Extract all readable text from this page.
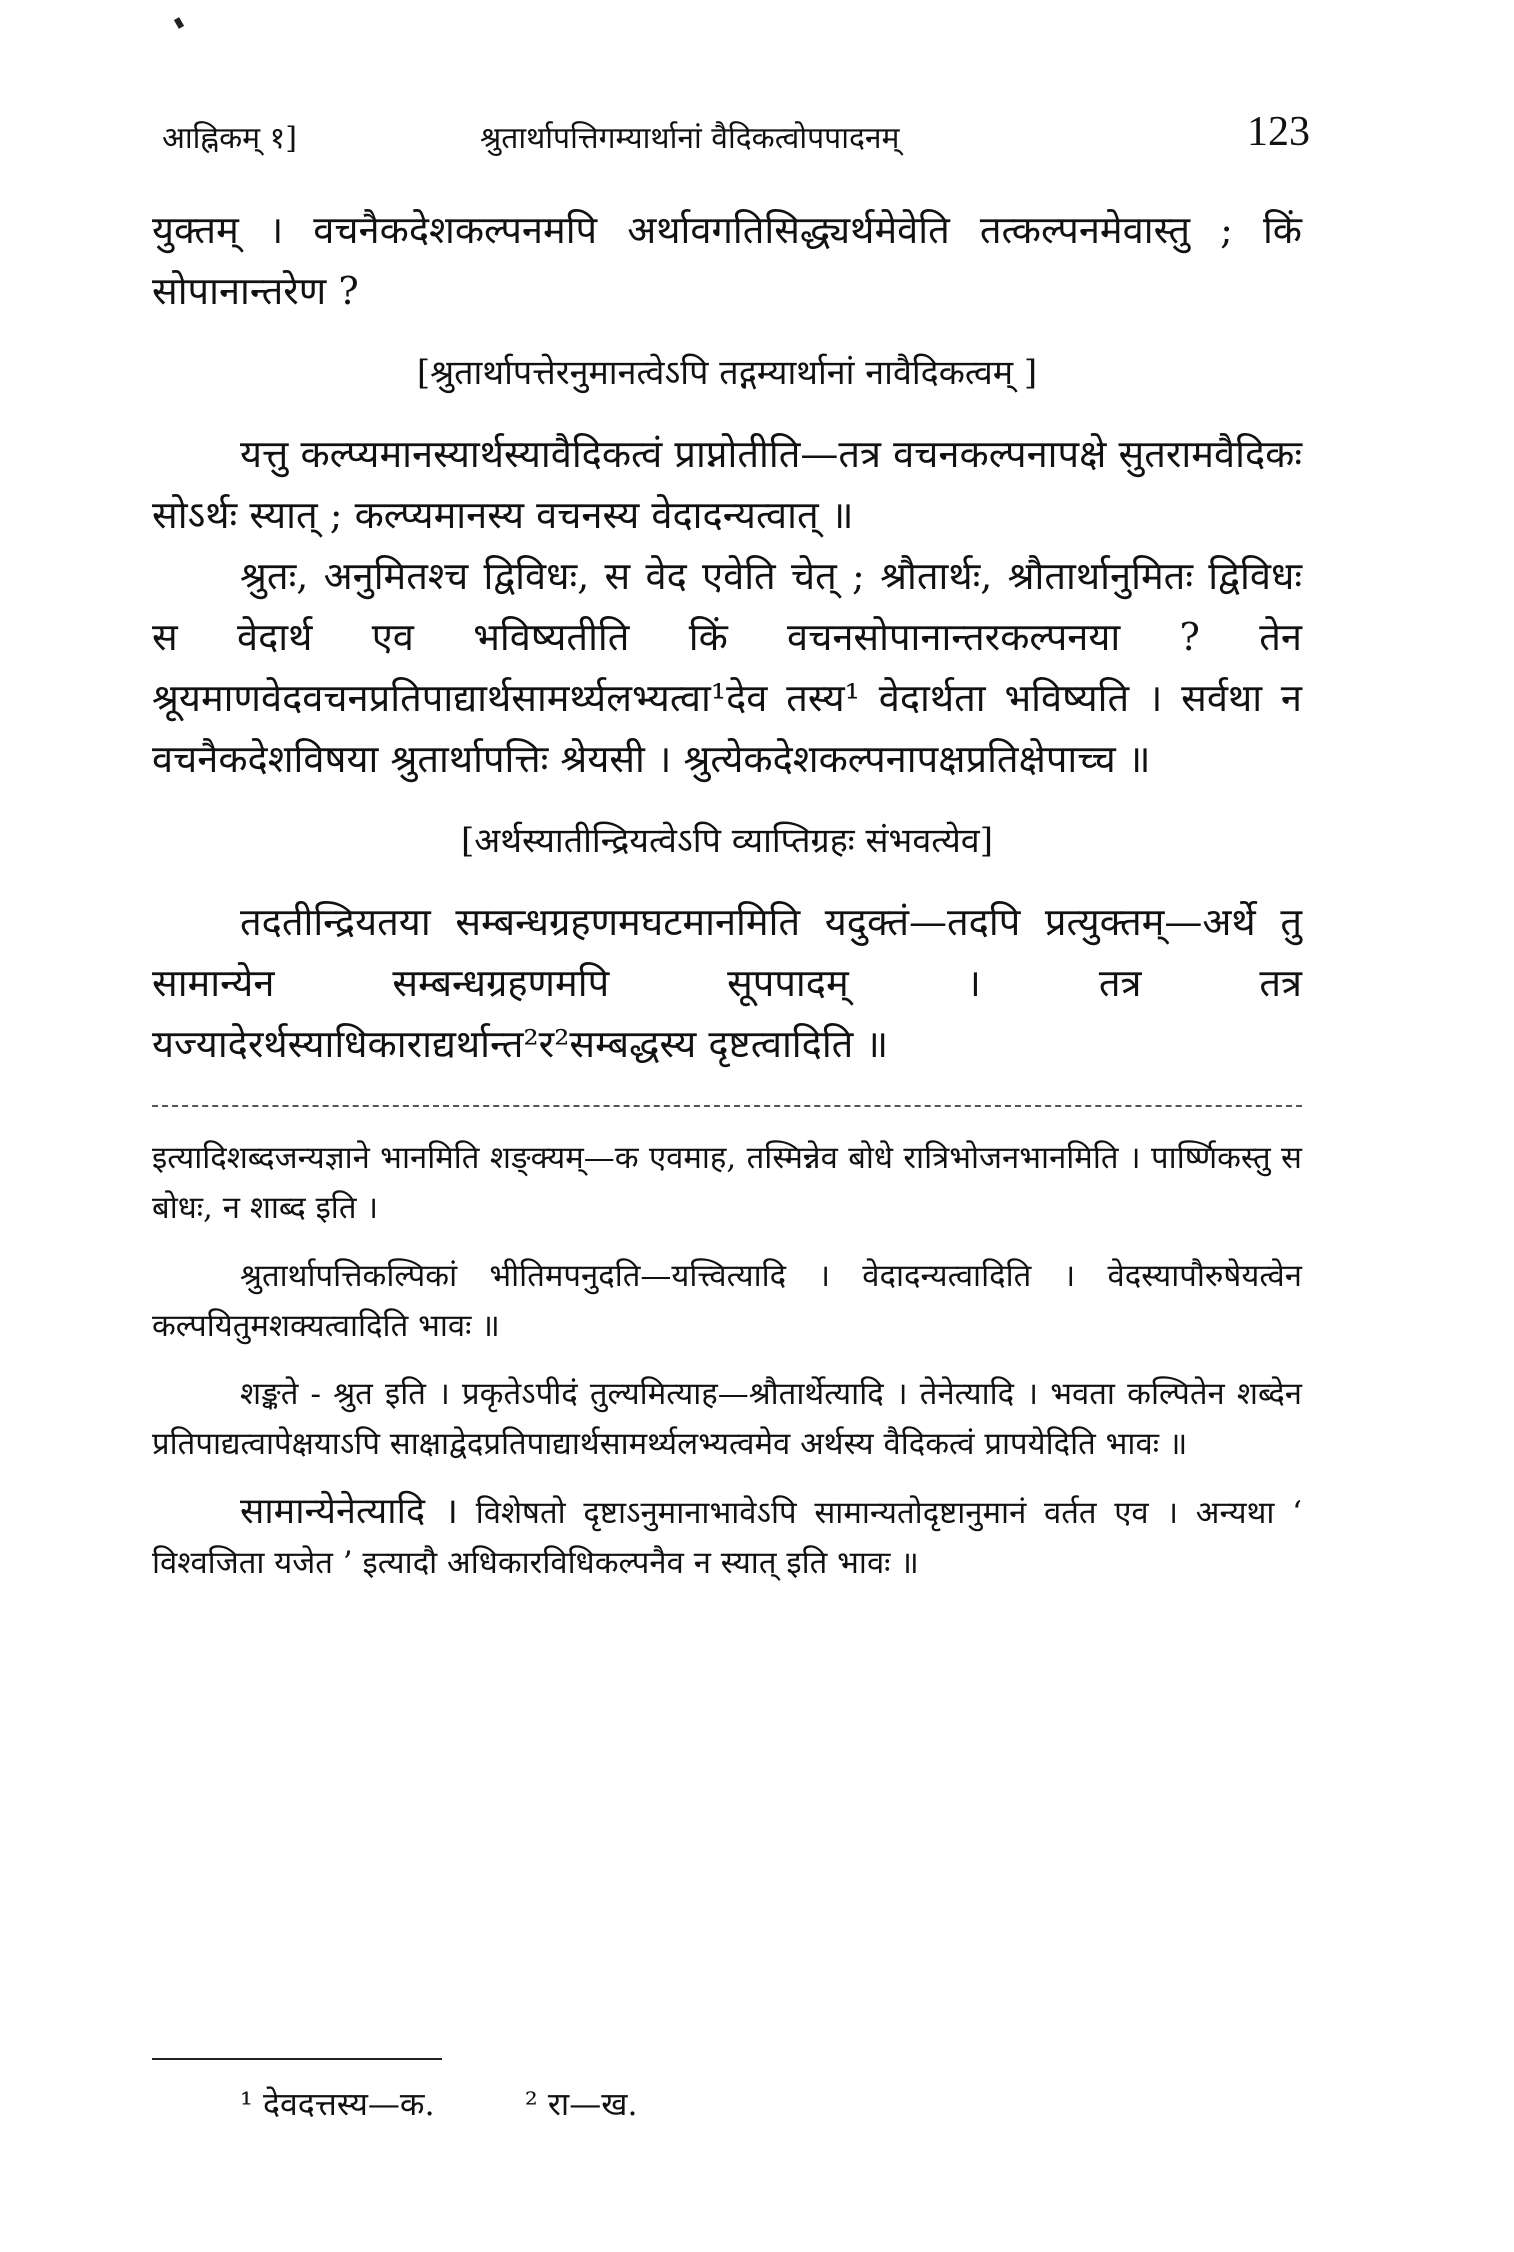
आह्निकम् १]	श्रुतार्थापत्तिगम्यार्थानां वैदिकत्वोपपादनम्	123

युक्तम् । वचनैकदेशकल्पनमपि अर्थावगतिसिद्ध्यर्थमेवेति तत्कल्पनमेवास्तु ; किं सोपानान्तरेण ?

[श्रुतार्थापत्तेरनुमानत्वेऽपि तद्गम्यार्थानां नावैदिकत्वम् ]

यत्तु कल्प्यमानस्यार्थस्यावैदिकत्वं प्राप्नोतीति—तत्र वचनकल्पनापक्षे सुतरामवैदिकः सोऽर्थः स्यात् ; कल्प्यमानस्य वचनस्य वेदादन्यत्वात् ॥

श्रुतः, अनुमितश्च द्विविधः, स वेद एवेति चेत् ; श्रौतार्थः, श्रौतार्थानुमितः द्विविधः स वेदार्थ एव भविष्यतीति किं वचनसोपानान्तरकल्पनया ? तेन श्रूयमाणवेदवचनप्रतिपाद्यार्थसामर्थ्यलभ्यत्वा¹देव तस्य¹ वेदार्थता भविष्यति । सर्वथा न वचनैकदेशविषया श्रुतार्थापत्तिः श्रेयसी । श्रुत्येकदेशकल्पनापक्षप्रतिक्षेपाच्च ॥

[अर्थस्यातीन्द्रियत्वेऽपि व्याप्तिग्रहः संभवत्येव]

तदतीन्द्रियतया सम्बन्धग्रहणमघटमानमिति यदुक्तं—तदपि प्रत्युक्तम्—अर्थे तु सामान्येन सम्बन्धग्रहणमपि सूपपादम् । तत्र तत्र यज्यादेरर्थस्याधिकाराद्यर्थान्त²र²सम्बद्धस्य दृष्टत्वादिति ॥

इत्यादिशब्दजन्यज्ञाने भानमिति शङ्क्यम्—क एवमाह, तस्मिन्नेव बोधे रात्रिभोजनभानमिति । पार्ष्णिकस्तु स बोधः, न शाब्द इति ।

श्रुतार्थापत्तिकल्पिकां भीतिमपनुदति—यत्त्वित्यादि । वेदादन्यत्वादिति । वेदस्यापौरुषेयत्वेन कल्पयितुमशक्यत्वादिति भावः ॥

शङ्कते - श्रुत इति । प्रकृतेऽपीदं तुल्यमित्याह—श्रौतार्थेत्यादि । तेनेत्यादि । भवता कल्पितेन शब्देन प्रतिपाद्यत्वापेक्षयाऽपि साक्षाद्वेदप्रतिपाद्यार्थसामर्थ्यलभ्यत्वमेव अर्थस्य वैदिकत्वं प्रापयेदिति भावः ॥

सामान्येनेत्यादि । विशेषतो दृष्टाऽनुमानाभावेऽपि सामान्यतोदृष्टानुमानं वर्तत एव । अन्यथा ‘ विश्वजिता यजेत ’ इत्यादौ अधिकारविधिकल्पनैव न स्यात् इति भावः ॥

¹ देवदत्तस्य—क.	² रा—ख.
